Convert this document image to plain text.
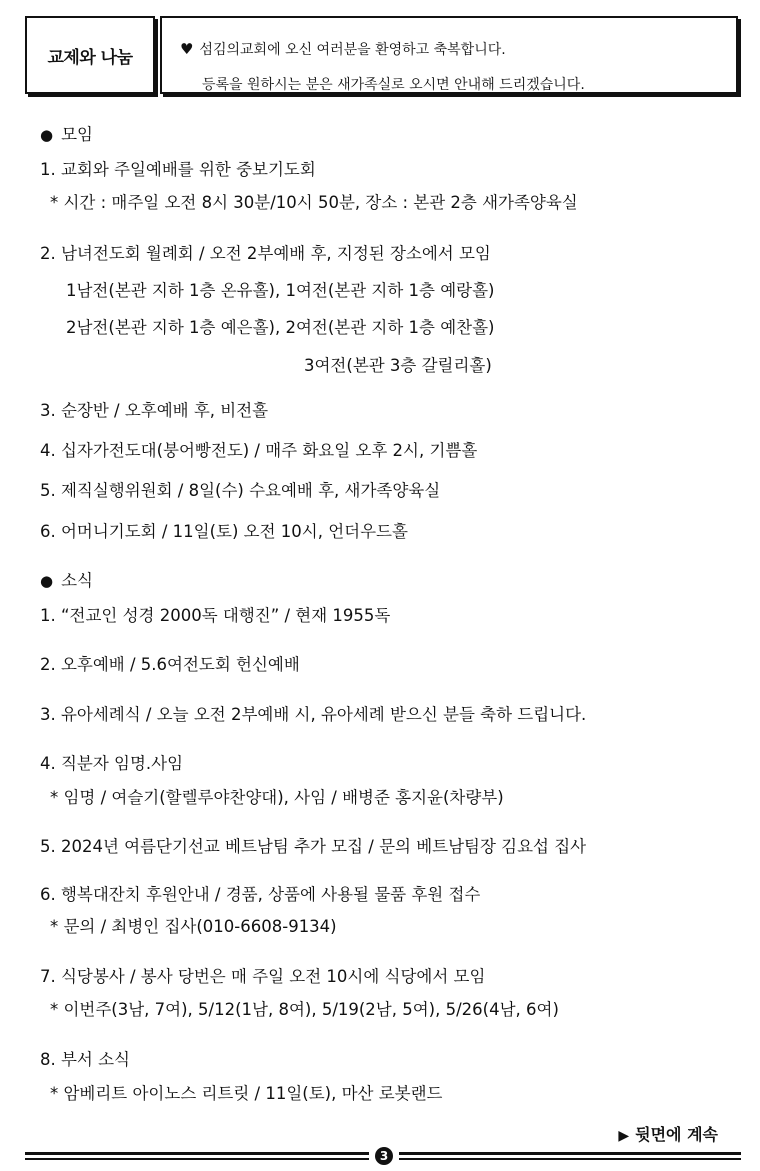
교제와 나눔	♥ 섬김의교회에 오신 여러분을 환영하고 축복합니다.
등록을 원하시는 분은 새가족실로 오시면 안내해 드리겠습니다.
● 모임
1. 교회와 주일예배를 위한 중보기도회
* 시간 : 매주일 오전 8시 30분/10시 50분, 장소 : 본관 2층 새가족양육실
2. 남녀전도회 월례회 / 오전 2부예배 후, 지정된 장소에서 모임
1남전(본관 지하 1층 온유홀), 1여전(본관 지하 1층 예랑홀)
2남전(본관 지하 1층 예은홀), 2여전(본관 지하 1층 예찬홀)
3여전(본관 3층 갈릴리홀)
3. 순장반 / 오후예배 후, 비전홀
4. 십자가전도대(붕어빵전도) / 매주 화요일 오후 2시, 기쁨홀
5. 제직실행위원회 / 8일(수) 수요예배 후, 새가족양육실
6. 어머니기도회 / 11일(토) 오전 10시, 언더우드홀
● 소식
1. “전교인 성경 2000독 대행진” / 현재 1955독
2. 오후예배 / 5.6여전도회 헌신예배
3. 유아세례식 / 오늘 오전 2부예배 시, 유아세례 받으신 분들 축하 드립니다.
4. 직분자 임명.사임
* 임명 / 여슬기(할렐루야찬양대), 사임 / 배병준 홍지윤(차량부)
5. 2024년 여름단기선교 베트남팀 추가 모집 / 문의 베트남팀장 김요섭 집사
6. 행복대잔치 후원안내 / 경품, 상품에 사용될 물품 후원 접수
* 문의 / 최병인 집사(010-6608-9134)
7. 식당봉사 / 봉사 당번은 매 주일 오전 10시에 식당에서 모임
* 이번주(3남, 7여), 5/12(1남, 8여), 5/19(2남, 5여), 5/26(4남, 6여)
8. 부서 소식
* 암베리트 아이노스 리트릿 / 11일(토), 마산 로봇랜드
▶ 뒷면에 계속
3
